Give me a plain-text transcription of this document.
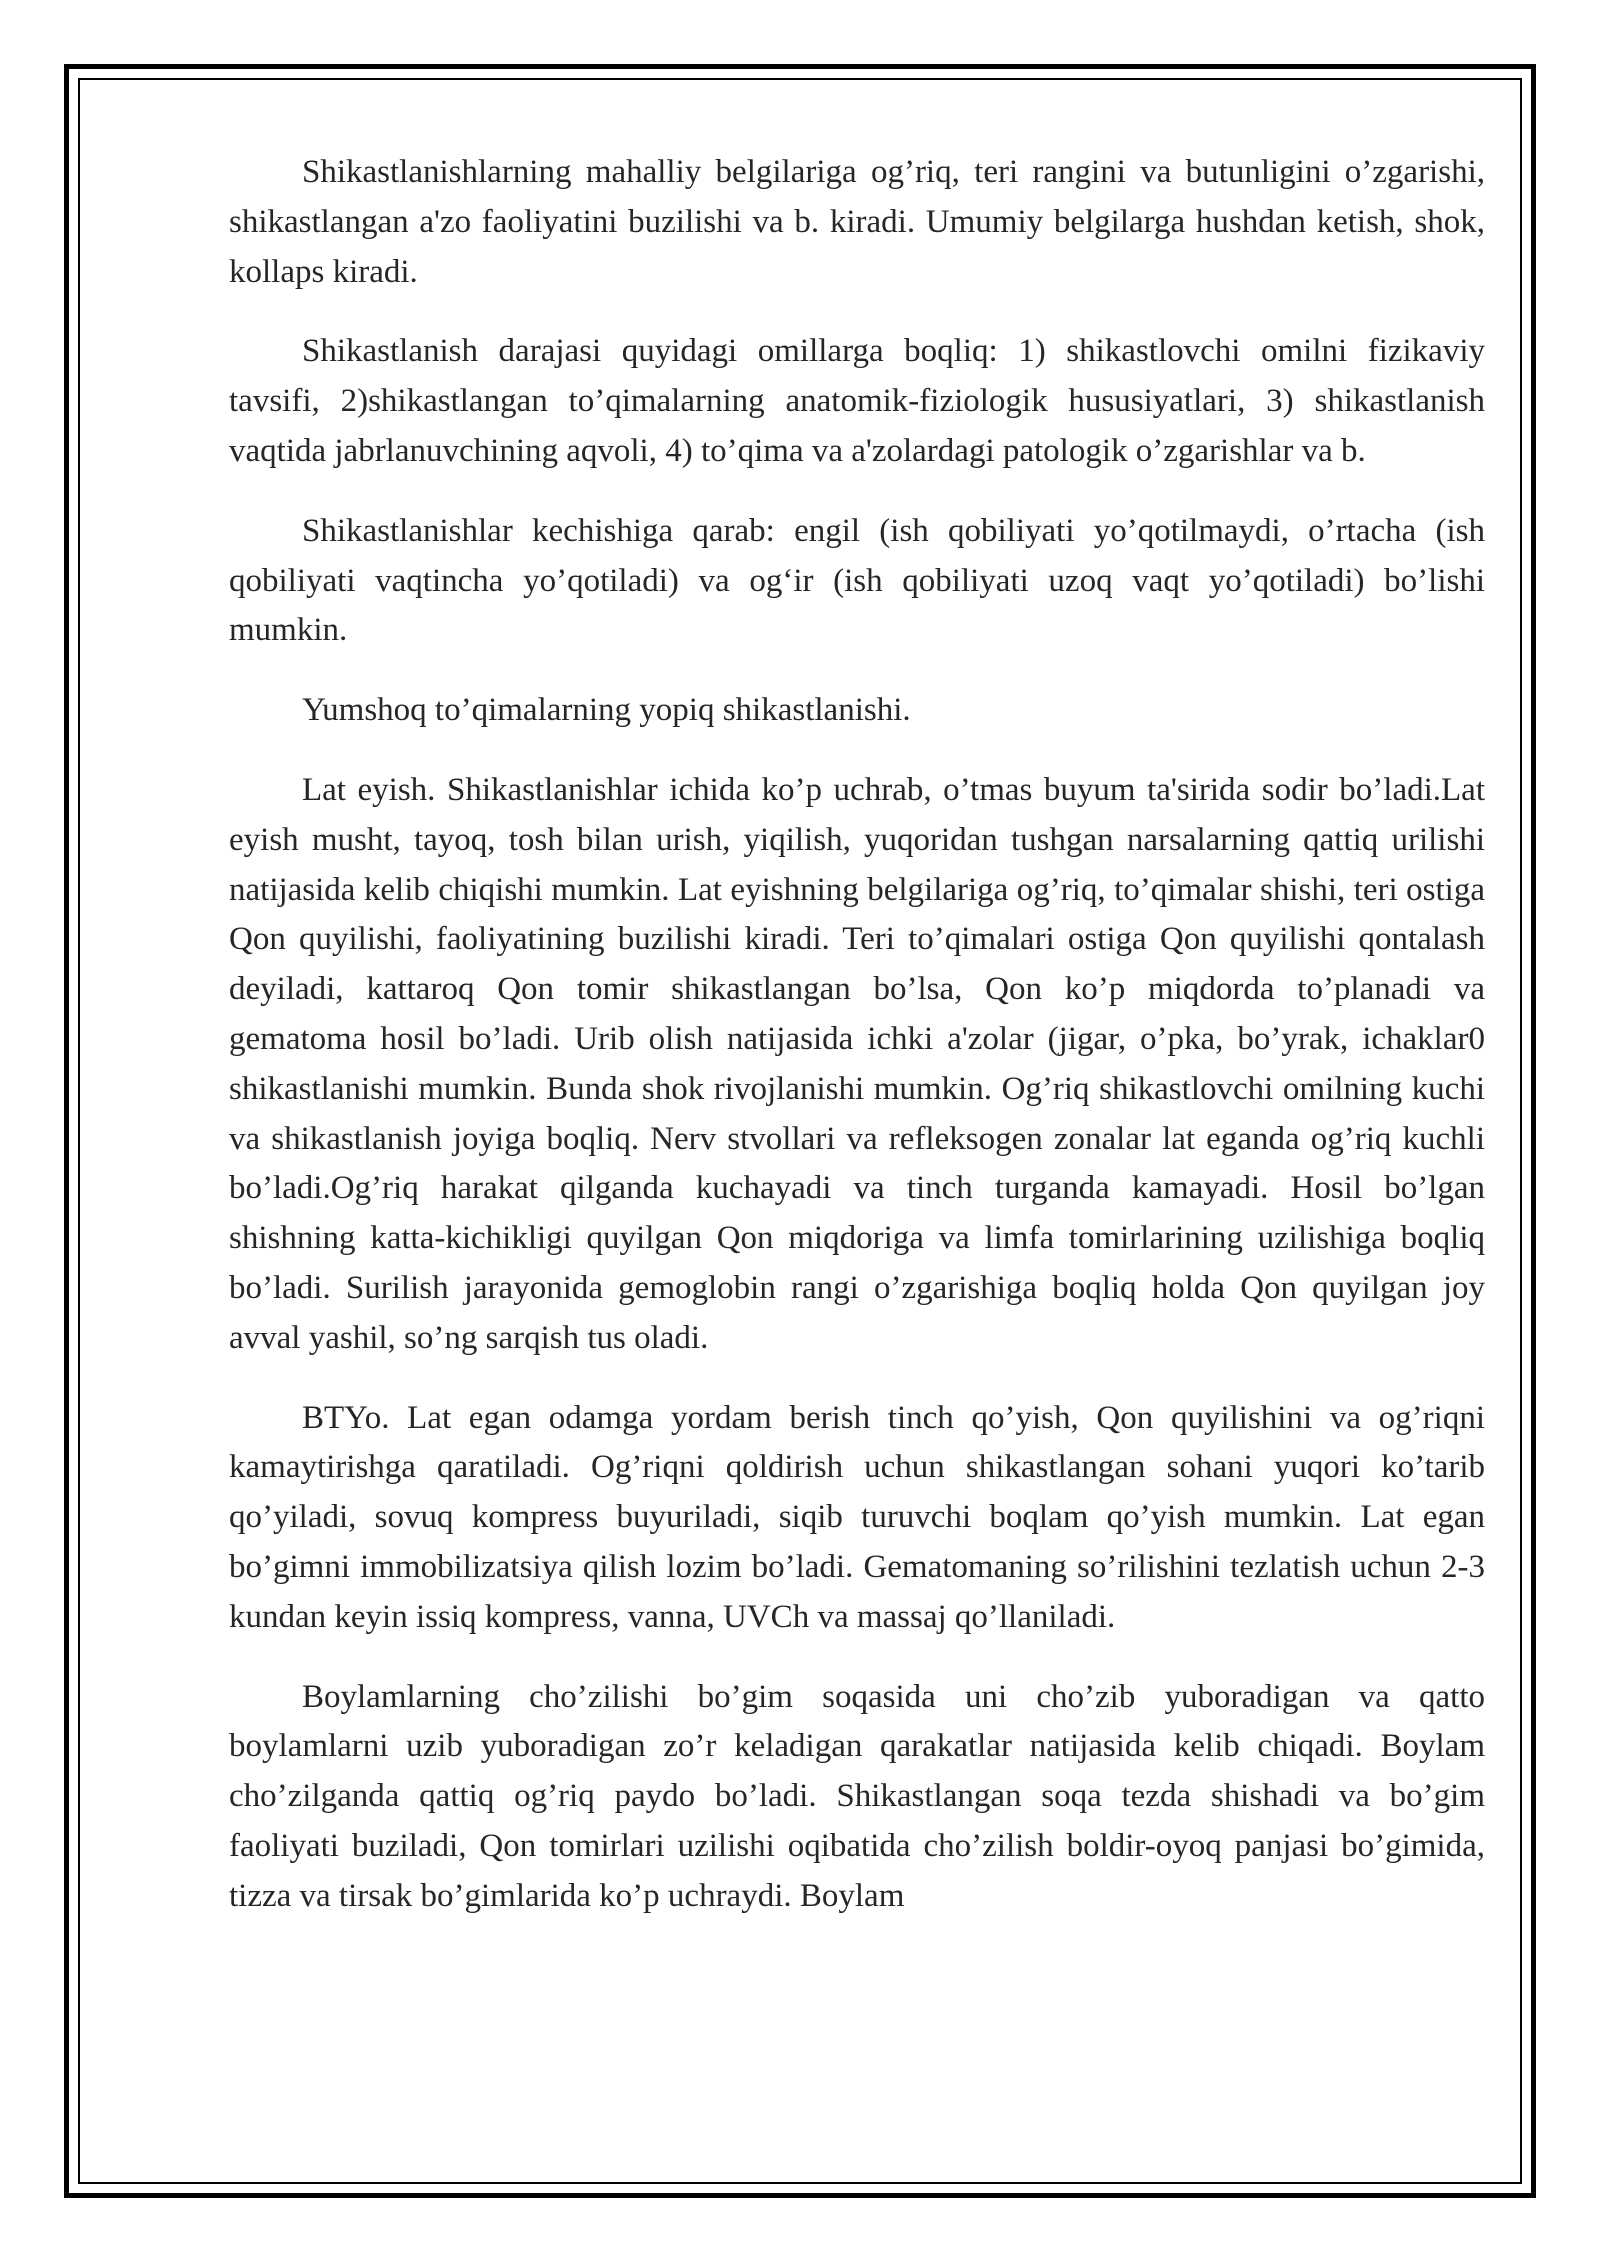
Shikastlanishlarning mahalliy belgilariga og’riq, teri rangini va butunligini o’zgarishi, shikastlangan a'zo faoliyatini buzilishi va b. kiradi. Umumiy belgilarga hushdan ketish, shok, kollaps kiradi.

Shikastlanish darajasi quyidagi omillarga boqliq: 1) shikastlovchi omilni fizikaviy tavsifi, 2)shikastlangan to’qimalarning anatomik-fiziologik hususiyatlari, 3) shikastlanish vaqtida jabrlanuvchining aqvoli, 4) to’qima va a'zolardagi patologik o’zgarishlar va b.

Shikastlanishlar kechishiga qarab: engil (ish qobiliyati yo’qotilmaydi, o’rtacha (ish qobiliyati vaqtincha yo’qotiladi) va og‘ir (ish qobiliyati uzoq vaqt yo’qotiladi) bo’lishi mumkin.

Yumshoq to’qimalarning yopiq shikastlanishi.

Lat eyish. Shikastlanishlar ichida ko’p uchrab, o’tmas buyum ta'sirida sodir bo’ladi.Lat eyish musht, tayoq, tosh bilan urish, yiqilish, yuqoridan tushgan narsalarning qattiq urilishi natijasida kelib chiqishi mumkin. Lat eyishning belgilariga og’riq, to’qimalar shishi, teri ostiga Qon quyilishi, faoliyatining buzilishi kiradi. Teri to’qimalari ostiga Qon quyilishi qontalash deyiladi, kattaroq Qon tomir shikastlangan bo’lsa, Qon ko’p miqdorda to’planadi va gematoma hosil bo’ladi. Urib olish natijasida ichki a'zolar (jigar, o’pka, bo’yrak, ichaklar0 shikastlanishi mumkin. Bunda shok rivojlanishi mumkin. Og’riq shikastlovchi omilning kuchi va shikastlanish joyiga boqliq. Nerv stvollari va refleksogen zonalar lat eganda og’riq kuchli bo’ladi.Og’riq harakat qilganda kuchayadi va tinch turganda kamayadi. Hosil bo’lgan shishning katta-kichikligi quyilgan Qon miqdoriga va limfa tomirlarining uzilishiga boqliq bo’ladi. Surilish jarayonida gemoglobin rangi o’zgarishiga boqliq holda Qon quyilgan joy avval yashil, so’ng sarqish tus oladi.

BTYo. Lat egan odamga yordam berish tinch qo’yish, Qon quyilishini va og’riqni kamaytirishga qaratiladi. Og’riqni qoldirish uchun shikastlangan sohani yuqori ko’tarib qo’yiladi, sovuq kompress buyuriladi, siqib turuvchi boqlam qo’yish mumkin. Lat egan bo’gimni immobilizatsiya qilish lozim bo’ladi. Gematomaning so’rilishini tezlatish uchun 2-3 kundan keyin issiq kompress, vanna, UVCh va massaj qo’llaniladi.

Boylamlarning cho’zilishi bo’gim soqasida uni cho’zib yuboradigan va qatto boylamlarni uzib yuboradigan zo’r keladigan qarakatlar natijasida kelib chiqadi. Boylam cho’zilganda qattiq og’riq paydo bo’ladi. Shikastlangan soqa tezda shishadi va bo’gim faoliyati buziladi, Qon tomirlari uzilishi oqibatida cho’zilish boldir-oyoq panjasi bo’gimida, tizza va tirsak bo’gimlarida ko’p uchraydi. Boylam
